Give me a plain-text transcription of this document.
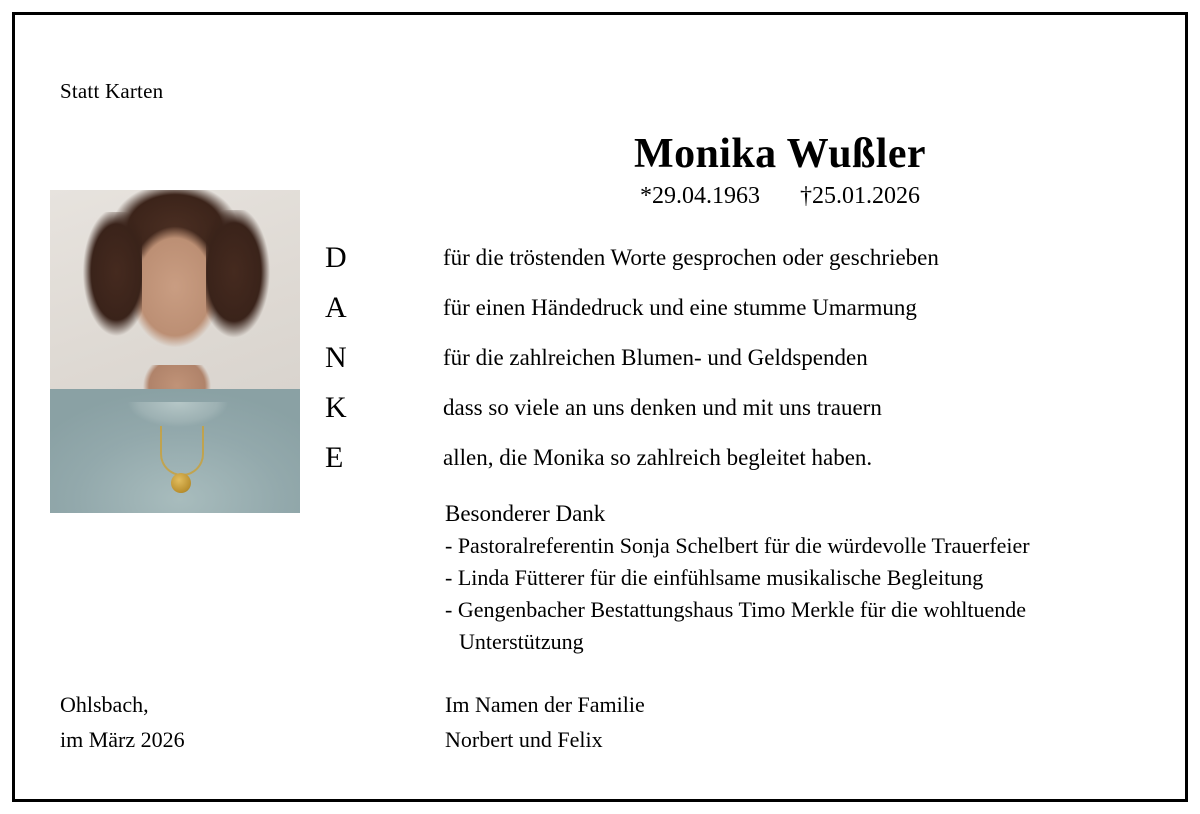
Statt Karten
Monika Wußler
*29.04.1963 †25.01.2026
D
A
N
K
E
für die tröstenden Worte gesprochen oder geschrieben
für einen Händedruck und eine stumme Umarmung
für die zahlreichen Blumen- und Geldspenden
dass so viele an uns denken und mit uns trauern
allen, die Monika so zahlreich begleitet haben.
Besonderer Dank
- Pastoralreferentin Sonja Schelbert für die würdevolle Trauerfeier
- Linda Fütterer für die einfühlsame musikalische Begleitung
- Gengenbacher Bestattungshaus Timo Merkle für die wohltuende
Unterstützung
Ohlsbach,
im März 2026
Im Namen der Familie
Norbert und Felix
